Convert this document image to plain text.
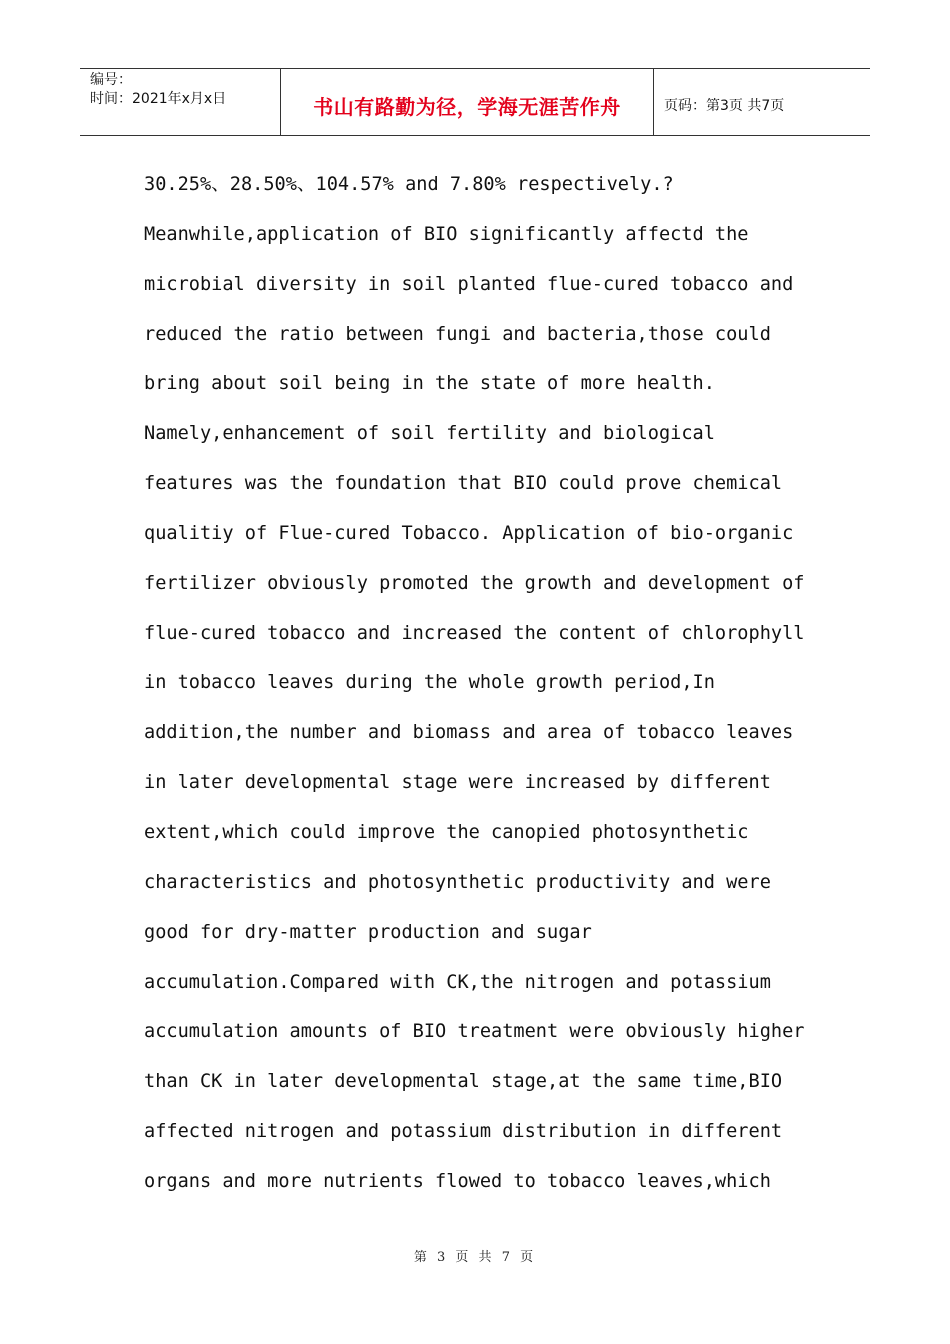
编号：
时间：2021年x月x日	书山有路勤为径，学海无涯苦作舟	页码：第3页 共7页
30.25%、28.50%、104.57% and 7.80% respectively.?
Meanwhile,application of BIO significantly affectd the
microbial diversity in soil planted flue-cured tobacco and
reduced the ratio between fungi and bacteria,those could
bring about soil being in the state of more health.
Namely,enhancement of soil fertility and biological
features was the foundation that BIO could prove chemical
qualitiy of Flue-cured Tobacco. Application of bio-organic
fertilizer obviously promoted the growth and development of
flue-cured tobacco and increased the content of chlorophyll
in tobacco leaves during the whole growth period,In
addition,the number and biomass and area of tobacco leaves
in later developmental stage were increased by different
extent,which could improve the canopied photosynthetic
characteristics and photosynthetic productivity and were
good for dry-matter production and sugar
accumulation.Compared with CK,the nitrogen and potassium
accumulation amounts of BIO treatment were obviously higher
than CK in later developmental stage,at the same time,BIO
affected nitrogen and potassium distribution in different
organs and more nutrients flowed to tobacco leaves,which
第 3 页 共 7 页
